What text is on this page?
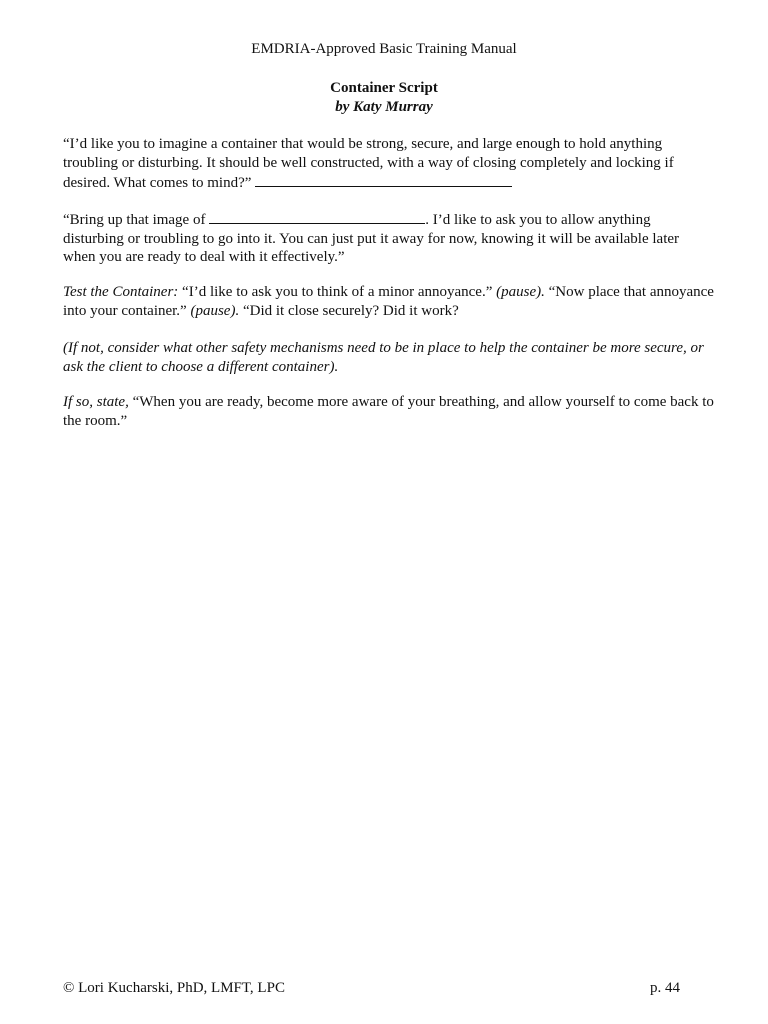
EMDRIA-Approved Basic Training Manual
Container Script
by Katy Murray

“I’d like you to imagine a container that would be strong, secure, and large enough to hold anything troubling or disturbing. It should be well constructed, with a way of closing completely and locking if desired. What comes to mind?”

“Bring up that image of	. I’d like to ask you to allow anything disturbing or troubling to go into it. You can just put it away for now, knowing it will be available later when you are ready to deal with it effectively.”

Test the Container: “I’d like to ask you to think of a minor annoyance.” (pause). “Now place that annoyance into your container.” (pause). “Did it close securely? Did it work?

(If not, consider what other safety mechanisms need to be in place to help the container be more secure, or ask the client to choose a different container).

If so, state, “When you are ready, become more aware of your breathing, and allow yourself to come back to the room.”

© Lori Kucharski, PhD, LMFT, LPC	p. 44
